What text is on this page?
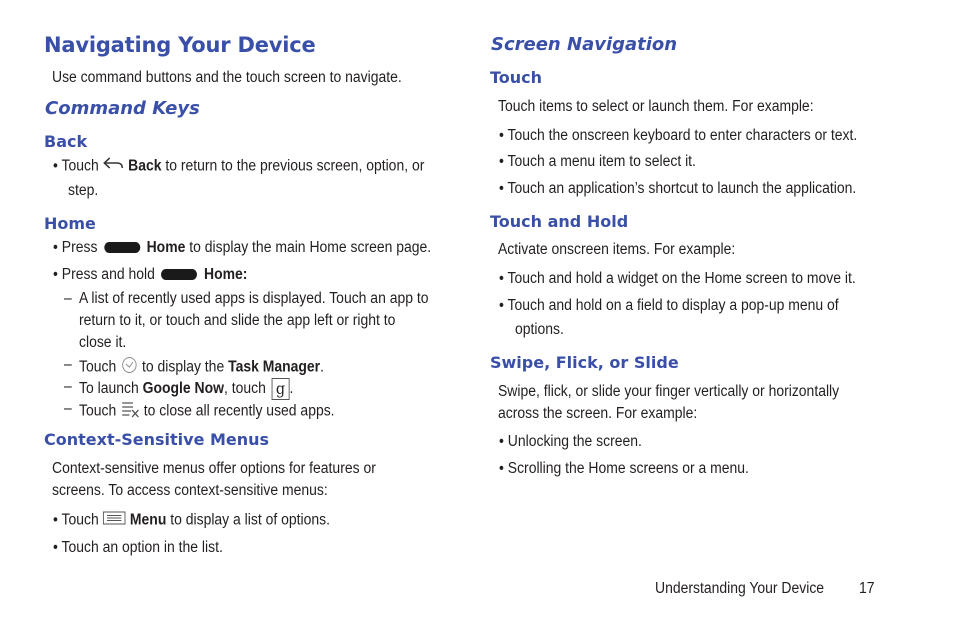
Navigating Your Device
Use command buttons and the touch screen to navigate.
Command Keys
Back
• Touch Back to return to the previous screen, option, or
step.
Home
• Press	Home to display the main Home screen page.
• Press and hold	Home:
– A list of recently used apps is displayed. Touch an app to
return to it, or touch and slide the app left or right to
close it.
– Touch to display the Task Manager.
– To launch Google Now, touch g .
– Touch to close all recently used apps.
Context-Sensitive Menus
Context-sensitive menus offer options for features or
screens. To access context-sensitive menus:
• Touch Menu to display a list of options.
• Touch an option in the list.
Screen Navigation
Touch
Touch items to select or launch them. For example:
• Touch the onscreen keyboard to enter characters or text.
• Touch a menu item to select it.
• Touch an application’s shortcut to launch the application.
Touch and Hold
Activate onscreen items. For example:
• Touch and hold a widget on the Home screen to move it.
• Touch and hold on a field to display a pop-up menu of
options.
Swipe, Flick, or Slide
Swipe, flick, or slide your finger vertically or horizontally
across the screen. For example:
• Unlocking the screen.
• Scrolling the Home screens or a menu.
Understanding Your Device 17
